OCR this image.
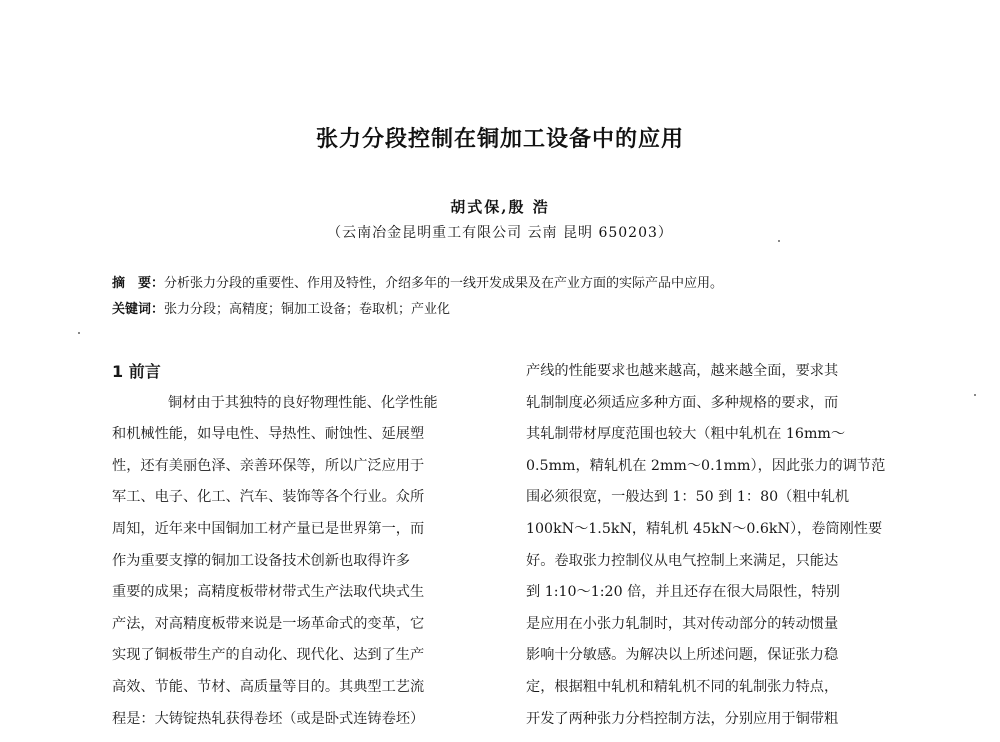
张力分段控制在铜加工设备中的应用
胡式保,殷 浩
（云南冶金昆明重工有限公司 云南 昆明 650203）
摘　要：分析张力分段的重要性、作用及特性，介绍多年的一线开发成果及在产业方面的实际产品中应用。
关键词：张力分段；高精度；铜加工设备；卷取机；产业化
1 前言
铜材由于其独特的良好物理性能、化学性能
和机械性能，如导电性、导热性、耐蚀性、延展塑
性，还有美丽色泽、亲善环保等，所以广泛应用于
军工、电子、化工、汽车、装饰等各个行业。众所
周知，近年来中国铜加工材产量已是世界第一，而
作为重要支撑的铜加工设备技术创新也取得许多
重要的成果；高精度板带材带式生产法取代块式生
产法，对高精度板带来说是一场革命式的变革，它
实现了铜板带生产的自动化、现代化、达到了生产
高效、节能、节材、高质量等目的。其典型工艺流
程是：大铸锭热轧获得卷坯（或是卧式连铸卷坯）
产线的性能要求也越来越高，越来越全面，要求其
轧制制度必须适应多种方面、多种规格的要求，而
其轧制带材厚度范围也较大（粗中轧机在 16mm～
0.5mm，精轧机在 2mm～0.1mm），因此张力的调节范
围必须很宽，一般达到 1：50 到 1：80（粗中轧机
100kN～1.5kN，精轧机 45kN～0.6kN），卷筒刚性要
好。卷取张力控制仪从电气控制上来满足，只能达
到 1:10～1:20 倍，并且还存在很大局限性，特别
是应用在小张力轧制时，其对传动部分的转动惯量
影响十分敏感。为解决以上所述问题，保证张力稳
定，根据粗中轧机和精轧机不同的轧制张力特点，
开发了两种张力分档控制方法，分别应用于铜带粗
